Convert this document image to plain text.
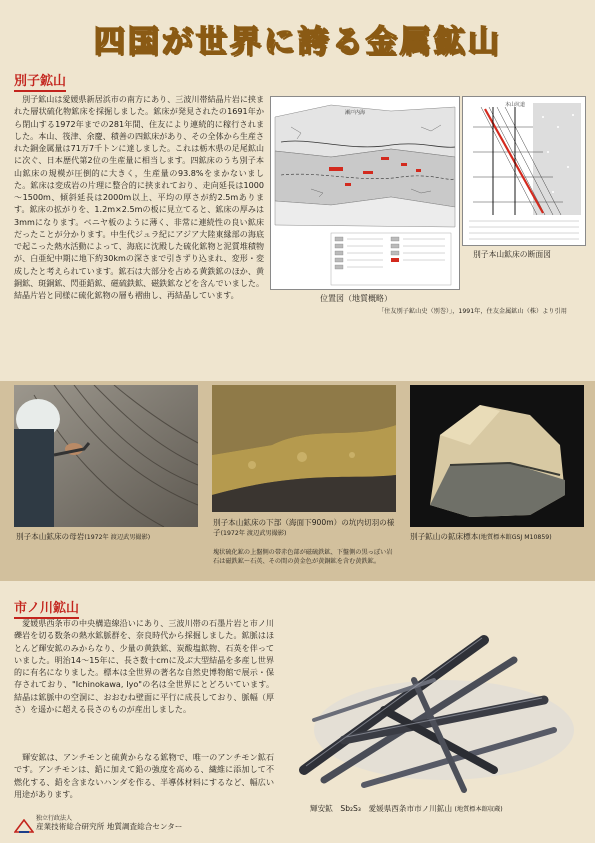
四国が世界に誇る金属鉱山
別子鉱山
　別子鉱山は愛媛県新居浜市の南方にあり、三波川帯結晶片岩に挟まれた層状硫化物鉱床を採掘しました。鉱床が発見されたの1691年から閉山する1972年までの281年間、住友により連続的に稼行されました。本山、筏津、余慶、積善の四鉱床があり、その全体から生産された銅金属量は71万7千トンに達しました。これは栃木県の足尾鉱山に次ぐ、日本歴代第2位の生産量に相当します。四鉱床のうち別子本山鉱床の規模が圧倒的に大きく，生産量の93.8%をまかないました。鉱床は変成岩の片理に整合的に挟まれており、走向延長は1000～1500m、傾斜延長は2000m以上、平均の厚さが約2.5mあります。鉱床の拡がりを、1.2m×2.5mの板に見立てると、鉱床の厚みは3mmになります。ベニヤ板のように薄く、非常に連続性の良い鉱床だったことが分かります。中生代ジュラ紀にアジア大陸東縁部の海底で起こった熱水活動によって、海底に沈殿した硫化鉱物と泥質堆積物が、白亜紀中期に地下約30kmの深さまで引きずり込まれ、変形・変成したと考えられています。鉱石は大部分を占める黄鉄鉱のほか、黄銅鉱、斑銅鉱、閃亜鉛鉱、磁硫鉄鉱、磁鉄鉱などを含んでいました。結晶片岩と同様に硫化鉱物の層も褶曲し、再結晶しています。
瀬戸内海
位置図（地質概略）
本山坑道
別子本山鉱床の断面図
「住友別子鉱山史（別巻）」，1991年，住友金属鉱山（株）より引用
別子本山鉱床の母岩(1972年 渡辺武男撮影)
別子本山鉱床の下部（海面下900m）の坑内切羽の様子(1972年 渡辺武男撮影)
塊状硫化鉱の上盤側の帯赤色部が磁硫鉄鉱、下盤側の黒っぽい岩石は磁鉄鉱～石英、その間の黄金色が黄銅鉱を含む黄鉄鉱。
別子鉱山の鉱床標本(地質標本館GSJ M10859)
市ノ川鉱山
　愛媛県西条市の中央構造線沿いにあり、三波川帯の石墨片岩と市ノ川礫岩を切る数条の熱水鉱脈群を、奈良時代から採掘しました。鉱脈はほとんど輝安鉱のみからなり、少量の黄鉄鉱、炭酸塩鉱物、石英を伴っていました。明治14～15年に、長さ数十cmに及ぶ大型結晶を多産し世界的に有名になりました。標本は全世界の著名な自然史博物館で展示・保存されており、"Ichinokawa, Iyo"の名は全世界にとどろいています。結晶は鉱脈中の空洞に、おおむね壁面に平行に成長しており、脈幅（厚さ）を遥かに超える長さのものが産出しました。
　輝安鉱は、アンチモンと硫黄からなる鉱物で、唯一のアンチモン鉱石です。アンチモンは、鉛に加えて鉛の強度を高める、繊維に添加して不燃化する、鉛を含まないハンダを作る、半導体材料にするなど、幅広い用途があります。
輝安鉱　Sb₂S₃　愛媛県西条市市ノ川鉱山 (地質標本館収蔵)
独立行政法人
産業技術総合研究所 地質調査総合センター
